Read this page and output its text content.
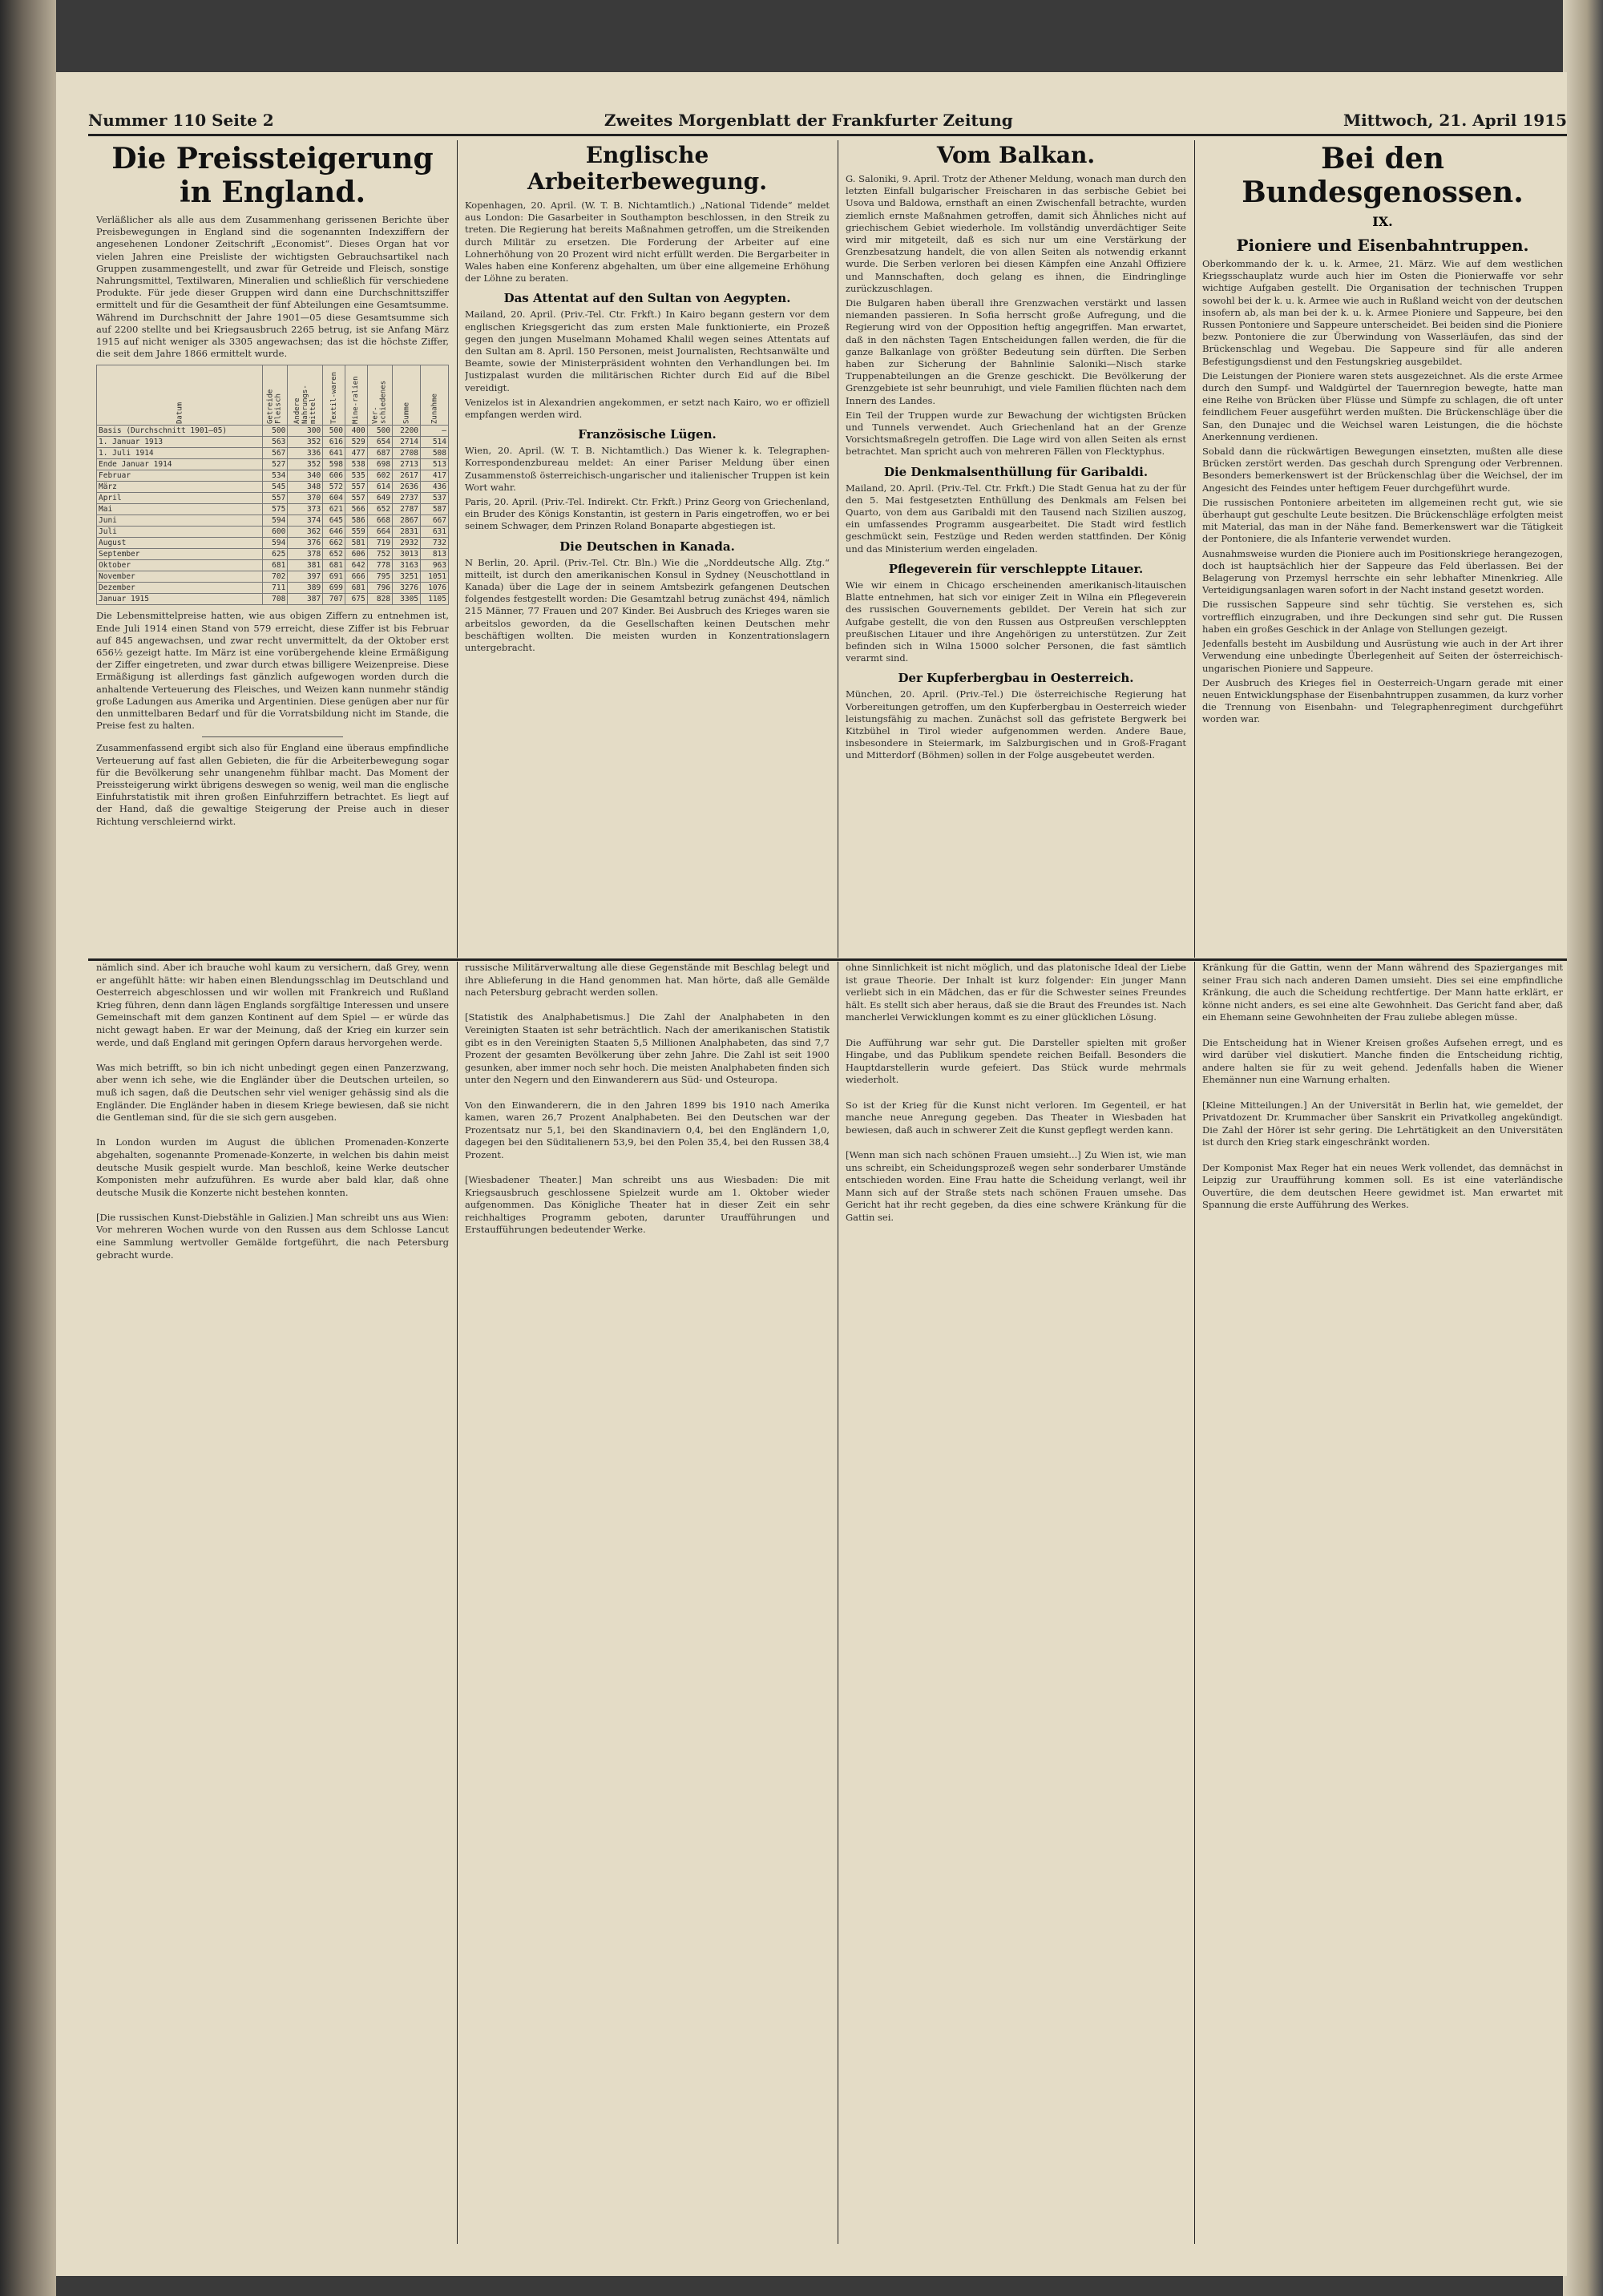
Nummer 110 Seite 2	Zweites Morgenblatt der Frankfurter Zeitung	Mittwoch, 21. April 1915
Die Preissteigerung in England.

Verläßlicher als alle aus dem Zusammenhang gerissenen Berichte über Preisbewegungen in England sind die sogenannten Indexziffern der angesehenen Londoner Zeitschrift „Economist“. Dieses Organ hat vor vielen Jahren eine Preisliste der wichtigsten Gebrauchsartikel nach Gruppen zusammengestellt, und zwar für Getreide und Fleisch, sonstige Nahrungsmittel, Textilwaren, Mineralien und schließlich für verschiedene Produkte. Für jede dieser Gruppen wird dann eine Durchschnittsziffer ermittelt und für die Gesamtheit der fünf Abteilungen eine Gesamtsumme. Während im Durchschnitt der Jahre 1901—05 diese Gesamtsumme sich auf 2200 stellte und bei Kriegsausbruch 2265 betrug, ist sie Anfang März 1915 auf nicht weniger als 3305 angewachsen; das ist die höchste Ziffer, die seit dem Jahre 1866 ermittelt wurde.

Datum	Getreide Fleisch	Andere Nahrungs-mittel	Textil-waren	Mine-ralien	Ver-schiedenes	Summe	Zunahme
Basis (Durchschnitt 1901—05)	500	300	500	400	500	2200	—
1. Januar 1913	563	352	616	529	654	2714	514
1. Juli 1914	567	336	641	477	687	2708	508
Ende Januar 1914	527	352	598	538	698	2713	513
Februar	534	340	606	535	602	2617	417
März	545	348	572	557	614	2636	436
April	557	370	604	557	649	2737	537
Mai	575	373	621	566	652	2787	587
Juni	594	374	645	586	668	2867	667
Juli	600	362	646	559	664	2831	631
August	594	376	662	581	719	2932	732
September	625	378	652	606	752	3013	813
Oktober	681	381	681	642	778	3163	963
November	702	397	691	666	795	3251	1051
Dezember	711	389	699	681	796	3276	1076
Januar 1915	708	387	707	675	828	3305	1105

Die Lebensmittelpreise hatten, wie aus obigen Ziffern zu entnehmen ist, Ende Juli 1914 einen Stand von 579 erreicht, diese Ziffer ist bis Februar auf 845 angewachsen, und zwar recht unvermittelt, da der Oktober erst 656½ gezeigt hatte. Im März ist eine vorübergehende kleine Ermäßigung der Ziffer eingetreten, und zwar durch etwas billigere Weizenpreise. Diese Ermäßigung ist allerdings fast gänzlich aufgewogen worden durch die anhaltende Verteuerung des Fleisches, und Weizen kann nunmehr ständig große Ladungen aus Amerika und Argentinien. Diese genügen aber nur für den unmittelbaren Bedarf und für die Vorratsbildung nicht im Stande, die Preise fest zu halten.

Zusammenfassend ergibt sich also für England eine überaus empfindliche Verteuerung auf fast allen Gebieten, die für die Arbeiterbewegung sogar für die Bevölkerung sehr unangenehm fühlbar macht. Das Moment der Preissteigerung wirkt übrigens deswegen so wenig, weil man die englische Einfuhrstatistik mit ihren großen Einfuhrziffern betrachtet. Es liegt auf der Hand, daß die gewaltige Steigerung der Preise auch in dieser Richtung verschleiernd wirkt.

Englische Arbeiterbewegung.

Kopenhagen, 20. April. (W. T. B. Nichtamtlich.) „National Tidende“ meldet aus London: Die Gasarbeiter in Southampton beschlossen, in den Streik zu treten. Die Regierung hat bereits Maßnahmen getroffen, um die Streikenden durch Militär zu ersetzen. Die Forderung der Arbeiter auf eine Lohnerhöhung von 20 Prozent wird nicht erfüllt werden. Die Bergarbeiter in Wales haben eine Konferenz abgehalten, um über eine allgemeine Erhöhung der Löhne zu beraten.

Das Attentat auf den Sultan von Aegypten.

Mailand, 20. April. (Priv.-Tel. Ctr. Frkft.) In Kairo begann gestern vor dem englischen Kriegsgericht das zum ersten Male funktionierte, ein Prozeß gegen den jungen Muselmann Mohamed Khalil wegen seines Attentats auf den Sultan am 8. April. 150 Personen, meist Journalisten, Rechtsanwälte und Beamte, sowie der Ministerpräsident wohnten den Verhandlungen bei. Im Justizpalast wurden die militärischen Richter durch Eid auf die Bibel vereidigt.

Venizelos ist in Alexandrien angekommen, er setzt nach Kairo, wo er offiziell empfangen werden wird.

Französische Lügen.

Wien, 20. April. (W. T. B. Nichtamtlich.) Das Wiener k. k. Telegraphen-Korrespondenzbureau meldet: An einer Pariser Meldung über einen Zusammenstoß österreichisch-ungarischer und italienischer Truppen ist kein Wort wahr.

Paris, 20. April. (Priv.-Tel. Indirekt. Ctr. Frkft.) Prinz Georg von Griechenland, ein Bruder des Königs Konstantin, ist gestern in Paris eingetroffen, wo er bei seinem Schwager, dem Prinzen Roland Bonaparte abgestiegen ist.

Die Deutschen in Kanada.

N Berlin, 20. April. (Priv.-Tel. Ctr. Bln.) Wie die „Norddeutsche Allg. Ztg.“ mitteilt, ist durch den amerikanischen Konsul in Sydney (Neuschottland in Kanada) über die Lage der in seinem Amtsbezirk gefangenen Deutschen folgendes festgestellt worden: Die Gesamtzahl betrug zunächst 494, nämlich 215 Männer, 77 Frauen und 207 Kinder. Bei Ausbruch des Krieges waren sie arbeitslos geworden, da die Gesellschaften keinen Deutschen mehr beschäftigen wollten. Die meisten wurden in Konzentrationslagern untergebracht.

Vom Balkan.

G. Saloniki, 9. April. Trotz der Athener Meldung, wonach man durch den letzten Einfall bulgarischer Freischaren in das serbische Gebiet bei Usova und Baldowa, ernsthaft an einen Zwischenfall betrachte, wurden ziemlich ernste Maßnahmen getroffen, damit sich Ähnliches nicht auf griechischem Gebiet wiederhole. Im vollständig unverdächtiger Seite wird mir mitgeteilt, daß es sich nur um eine Verstärkung der Grenzbesatzung handelt, die von allen Seiten als notwendig erkannt wurde. Die Serben verloren bei diesen Kämpfen eine Anzahl Offiziere und Mannschaften, doch gelang es ihnen, die Eindringlinge zurückzuschlagen.

Die Bulgaren haben überall ihre Grenzwachen verstärkt und lassen niemanden passieren. In Sofia herrscht große Aufregung, und die Regierung wird von der Opposition heftig angegriffen. Man erwartet, daß in den nächsten Tagen Entscheidungen fallen werden, die für die ganze Balkanlage von größter Bedeutung sein dürften. Die Serben haben zur Sicherung der Bahnlinie Saloniki—Nisch starke Truppenabteilungen an die Grenze geschickt. Die Bevölkerung der Grenzgebiete ist sehr beunruhigt, und viele Familien flüchten nach dem Innern des Landes.

Ein Teil der Truppen wurde zur Bewachung der wichtigsten Brücken und Tunnels verwendet. Auch Griechenland hat an der Grenze Vorsichtsmaßregeln getroffen. Die Lage wird von allen Seiten als ernst betrachtet. Man spricht auch von mehreren Fällen von Flecktyphus.

Die Denkmalsenthüllung für Garibaldi.

Mailand, 20. April. (Priv.-Tel. Ctr. Frkft.) Die Stadt Genua hat zu der für den 5. Mai festgesetzten Enthüllung des Denkmals am Felsen bei Quarto, von dem aus Garibaldi mit den Tausend nach Sizilien auszog, ein umfassendes Programm ausgearbeitet. Die Stadt wird festlich geschmückt sein, Festzüge und Reden werden stattfinden. Der König und das Ministerium werden eingeladen.

Pflegeverein für verschleppte Litauer.

Wie wir einem in Chicago erscheinenden amerikanisch-litauischen Blatte entnehmen, hat sich vor einiger Zeit in Wilna ein Pflegeverein des russischen Gouvernements gebildet. Der Verein hat sich zur Aufgabe gestellt, die von den Russen aus Ostpreußen verschleppten preußischen Litauer und ihre Angehörigen zu unterstützen. Zur Zeit befinden sich in Wilna 15000 solcher Personen, die fast sämtlich verarmt sind.

Der Kupferbergbau in Oesterreich.

München, 20. April. (Priv.-Tel.) Die österreichische Regierung hat Vorbereitungen getroffen, um den Kupferbergbau in Oesterreich wieder leistungsfähig zu machen. Zunächst soll das gefristete Bergwerk bei Kitzbühel in Tirol wieder aufgenommen werden. Andere Baue, insbesondere in Steiermark, im Salzburgischen und in Groß-Fragant und Mitterdorf (Böhmen) sollen in der Folge ausgebeutet werden.

Bei den Bundesgenossen.
IX.
Pioniere und Eisenbahntruppen.

Oberkommando der k. u. k. Armee, 21. März. Wie auf dem westlichen Kriegsschauplatz wurde auch hier im Osten die Pionierwaffe vor sehr wichtige Aufgaben gestellt. Die Organisation der technischen Truppen sowohl bei der k. u. k. Armee wie auch in Rußland weicht von der deutschen insofern ab, als man bei der k. u. k. Armee Pioniere und Sappeure, bei den Russen Pontoniere und Sappeure unterscheidet. Bei beiden sind die Pioniere bezw. Pontoniere die zur Überwindung von Wasserläufen, das sind der Brückenschlag und Wegebau. Die Sappeure sind für alle anderen Befestigungsdienst und den Festungskrieg ausgebildet.

Die Leistungen der Pioniere waren stets ausgezeichnet. Als die erste Armee durch den Sumpf- und Waldgürtel der Tauernregion bewegte, hatte man eine Reihe von Brücken über Flüsse und Sümpfe zu schlagen, die oft unter feindlichem Feuer ausgeführt werden mußten. Die Brückenschläge über die San, den Dunajec und die Weichsel waren Leistungen, die die höchste Anerkennung verdienen.

Sobald dann die rückwärtigen Bewegungen einsetzten, mußten alle diese Brücken zerstört werden. Das geschah durch Sprengung oder Verbrennen. Besonders bemerkenswert ist der Brückenschlag über die Weichsel, der im Angesicht des Feindes unter heftigem Feuer durchgeführt wurde.

Die russischen Pontoniere arbeiteten im allgemeinen recht gut, wie sie überhaupt gut geschulte Leute besitzen. Die Brückenschläge erfolgten meist mit Material, das man in der Nähe fand. Bemerkenswert war die Tätigkeit der Pontoniere, die als Infanterie verwendet wurden.

Ausnahmsweise wurden die Pioniere auch im Positionskriege herangezogen, doch ist hauptsächlich hier der Sappeure das Feld überlassen. Bei der Belagerung von Przemysl herrschte ein sehr lebhafter Minenkrieg. Alle Verteidigungsanlagen waren sofort in der Nacht instand gesetzt worden.

Die russischen Sappeure sind sehr tüchtig. Sie verstehen es, sich vortrefflich einzugraben, und ihre Deckungen sind sehr gut. Die Russen haben ein großes Geschick in der Anlage von Stellungen gezeigt.

Jedenfalls besteht im Ausbildung und Ausrüstung wie auch in der Art ihrer Verwendung eine unbedingte Überlegenheit auf Seiten der österreichisch-ungarischen Pioniere und Sappeure.

Der Ausbruch des Krieges fiel in Oesterreich-Ungarn gerade mit einer neuen Entwicklungsphase der Eisenbahntruppen zusammen, da kurz vorher die Trennung von Eisenbahn- und Telegraphenregiment durchgeführt worden war.

nämlich sind. Aber ich brauche wohl kaum zu versichern, daß Grey, wenn er angefühlt hätte: wir haben einen Blendungsschlag im Deutschland und Oesterreich abgeschlossen und wir wollen mit Frankreich und Rußland Krieg führen, denn dann lägen Englands sorgfältige Interessen und unsere Gemeinschaft mit dem ganzen Kontinent auf dem Spiel — er würde das nicht gewagt haben. Er war der Meinung, daß der Krieg ein kurzer sein werde, und daß England mit geringen Opfern daraus hervorgehen werde.

Was mich betrifft, so bin ich nicht unbedingt gegen einen Panzerzwang, aber wenn ich sehe, wie die Engländer über die Deutschen urteilen, so muß ich sagen, daß die Deutschen sehr viel weniger gehässig sind als die Engländer. Die Engländer haben in diesem Kriege bewiesen, daß sie nicht die Gentleman sind, für die sie sich gern ausgeben.

In London wurden im August die üblichen Promenaden-Konzerte abgehalten, sogenannte Promenade-Konzerte, in welchen bis dahin meist deutsche Musik gespielt wurde. Man beschloß, keine Werke deutscher Komponisten mehr aufzuführen. Es wurde aber bald klar, daß ohne deutsche Musik die Konzerte nicht bestehen konnten.

[Die russischen Kunst-Diebstähle in Galizien.] Man schreibt uns aus Wien: Vor mehreren Wochen wurde von den Russen aus dem Schlosse Lancut eine Sammlung wertvoller Gemälde fortgeführt, die nach Petersburg gebracht wurde.

russische Militärverwaltung alle diese Gegenstände mit Beschlag belegt und ihre Ablieferung in die Hand genommen hat. Man hörte, daß alle Gemälde nach Petersburg gebracht werden sollen.

[Statistik des Analphabetismus.] Die Zahl der Analphabeten in den Vereinigten Staaten ist sehr beträchtlich. Nach der amerikanischen Statistik gibt es in den Vereinigten Staaten 5,5 Millionen Analphabeten, das sind 7,7 Prozent der gesamten Bevölkerung über zehn Jahre. Die Zahl ist seit 1900 gesunken, aber immer noch sehr hoch. Die meisten Analphabeten finden sich unter den Negern und den Einwanderern aus Süd- und Osteuropa.

Von den Einwanderern, die in den Jahren 1899 bis 1910 nach Amerika kamen, waren 26,7 Prozent Analphabeten. Bei den Deutschen war der Prozentsatz nur 5,1, bei den Skandinaviern 0,4, bei den Engländern 1,0, dagegen bei den Süditalienern 53,9, bei den Polen 35,4, bei den Russen 38,4 Prozent.

[Wiesbadener Theater.] Man schreibt uns aus Wiesbaden: Die mit Kriegsausbruch geschlossene Spielzeit wurde am 1. Oktober wieder aufgenommen. Das Königliche Theater hat in dieser Zeit ein sehr reichhaltiges Programm geboten, darunter Uraufführungen und Erstaufführungen bedeutender Werke.

ohne Sinnlichkeit ist nicht möglich, und das platonische Ideal der Liebe ist graue Theorie. Der Inhalt ist kurz folgender: Ein junger Mann verliebt sich in ein Mädchen, das er für die Schwester seines Freundes hält. Es stellt sich aber heraus, daß sie die Braut des Freundes ist. Nach mancherlei Verwicklungen kommt es zu einer glücklichen Lösung.

Die Aufführung war sehr gut. Die Darsteller spielten mit großer Hingabe, und das Publikum spendete reichen Beifall. Besonders die Hauptdarstellerin wurde gefeiert. Das Stück wurde mehrmals wiederholt.

So ist der Krieg für die Kunst nicht verloren. Im Gegenteil, er hat manche neue Anregung gegeben. Das Theater in Wiesbaden hat bewiesen, daß auch in schwerer Zeit die Kunst gepflegt werden kann.

[Wenn man sich nach schönen Frauen umsieht...] Zu Wien ist, wie man uns schreibt, ein Scheidungsprozeß wegen sehr sonderbarer Umstände entschieden worden. Eine Frau hatte die Scheidung verlangt, weil ihr Mann sich auf der Straße stets nach schönen Frauen umsehe. Das Gericht hat ihr recht gegeben, da dies eine schwere Kränkung für die Gattin sei.

Kränkung für die Gattin, wenn der Mann während des Spazierganges mit seiner Frau sich nach anderen Damen umsieht. Dies sei eine empfindliche Kränkung, die auch die Scheidung rechtfertige. Der Mann hatte erklärt, er könne nicht anders, es sei eine alte Gewohnheit. Das Gericht fand aber, daß ein Ehemann seine Gewohnheiten der Frau zuliebe ablegen müsse.

Die Entscheidung hat in Wiener Kreisen großes Aufsehen erregt, und es wird darüber viel diskutiert. Manche finden die Entscheidung richtig, andere halten sie für zu weit gehend. Jedenfalls haben die Wiener Ehemänner nun eine Warnung erhalten.

[Kleine Mitteilungen.] An der Universität in Berlin hat, wie gemeldet, der Privatdozent Dr. Krummacher über Sanskrit ein Privatkolleg angekündigt. Die Zahl der Hörer ist sehr gering. Die Lehrtätigkeit an den Universitäten ist durch den Krieg stark eingeschränkt worden.

Der Komponist Max Reger hat ein neues Werk vollendet, das demnächst in Leipzig zur Uraufführung kommen soll. Es ist eine vaterländische Ouvertüre, die dem deutschen Heere gewidmet ist. Man erwartet mit Spannung die erste Aufführung des Werkes.
